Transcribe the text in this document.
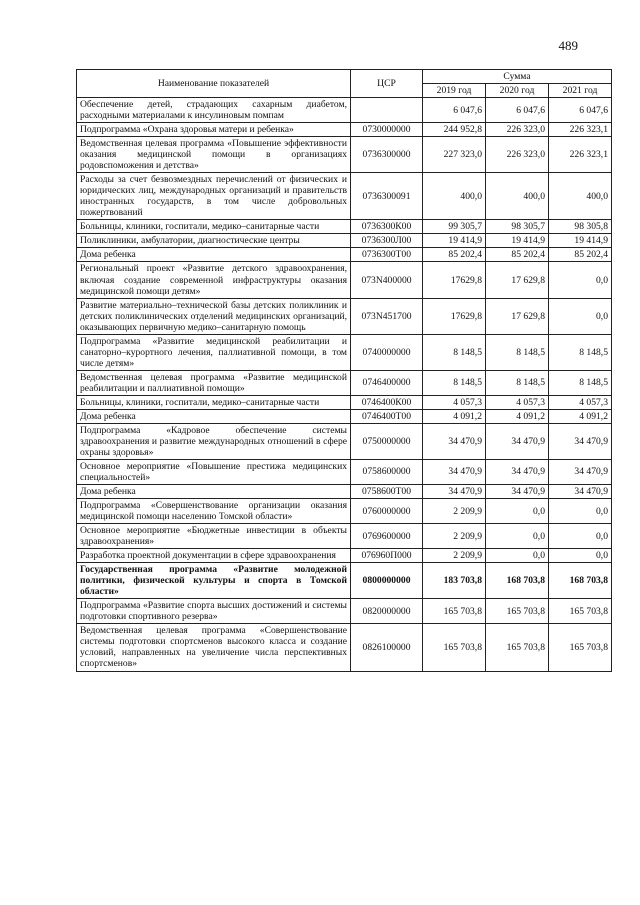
489
Наименование показателей	ЦСР	Сумма		
		2019 год	2020 год	2021 год
Обеспечение детей, страдающих сахарным диабетом, расходными материалами к инсулиновым помпам		6 047,6	6 047,6	6 047,6
Подпрограмма «Охрана здоровья матери и ребенка»	0730000000	244 952,8	226 323,0	226 323,1
Ведомственная целевая программа «Повышение эффективности оказания медицинской помощи в организациях родовспоможения и детства»	0736300000	227 323,0	226 323,0	226 323,1
Расходы за счет безвозмездных перечислений от физических и юридических лиц, международных организаций и правительств иностранных государств, в том числе добровольных пожертвований	0736300091	400,0	400,0	400,0
Больницы, клиники, госпитали, медико–санитарные части	0736300К00	99 305,7	98 305,7	98 305,8
Поликлиники, амбулатории, диагностические центры	0736300Л00	19 414,9	19 414,9	19 414,9
Дома ребенка	0736300Т00	85 202,4	85 202,4	85 202,4
Региональный проект «Развитие детского здравоохранения, включая создание современной инфраструктуры оказания медицинской помощи детям»	073N400000	17629,8	17 629,8	0,0
Развитие материально–технической базы детских поликлиник и детских поликлинических отделений медицинских организаций, оказывающих первичную медико–санитарную помощь	073N451700	17629,8	17 629,8	0,0
Подпрограмма «Развитие медицинской реабилитации и санаторно–курортного лечения, паллиативной помощи, в том числе детям»	0740000000	8 148,5	8 148,5	8 148,5
Ведомственная целевая программа «Развитие медицинской реабилитации и паллиативной помощи»	0746400000	8 148,5	8 148,5	8 148,5
Больницы, клиники, госпитали, медико–санитарные части	0746400К00	4 057,3	4 057,3	4 057,3
Дома ребенка	0746400Т00	4 091,2	4 091,2	4 091,2
Подпрограмма «Кадровое обеспечение системы здравоохранения и развитие международных отношений в сфере охраны здоровья»	0750000000	34 470,9	34 470,9	34 470,9
Основное мероприятие «Повышение престижа медицинских специальностей»	0758600000	34 470,9	34 470,9	34 470,9
Дома ребенка	0758600Т00	34 470,9	34 470,9	34 470,9
Подпрограмма «Совершенствование организации оказания медицинской помощи населению Томской области»	0760000000	2 209,9	0,0	0,0
Основное мероприятие «Бюджетные инвестиции в объекты здравоохранения»	0769600000	2 209,9	0,0	0,0
Разработка проектной документации в сфере здравоохранения	076960П000	2 209,9	0,0	0,0
Государственная программа «Развитие молодежной политики, физической культуры и спорта в Томской области»	0800000000	183 703,8	168 703,8	168 703,8
Подпрограмма «Развитие спорта высших достижений и системы подготовки спортивного резерва»	0820000000	165 703,8	165 703,8	165 703,8
Ведомственная целевая программа «Совершенствование системы подготовки спортсменов высокого класса и создание условий, направленных на увеличение числа перспективных спортсменов»	0826100000	165 703,8	165 703,8	165 703,8
